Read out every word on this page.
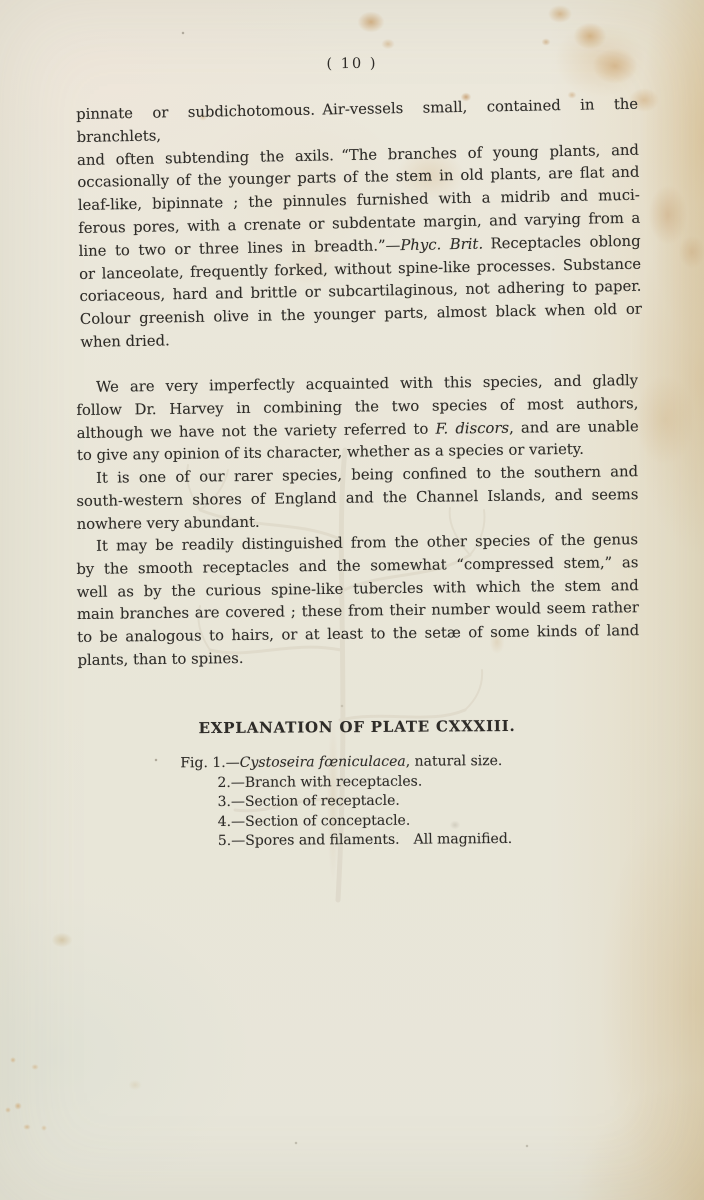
( 10 )
pinnate or subdichotomous. Air-vessels small, contained in the branchlets,
and often subtending the axils. “The branches of young plants, and
occasionally of the younger parts of the stem in old plants, are flat and
leaf-like, bipinnate ; the pinnules furnished with a midrib and muci-
ferous pores, with a crenate or subdentate margin, and varying from a
line to two or three lines in breadth.”—Phyc. Brit. Receptacles oblong
or lanceolate, frequently forked, without spine-like processes. Substance
coriaceous, hard and brittle or subcartilaginous, not adhering to paper.
Colour greenish olive in the younger parts, almost black when old or
when dried.
We are very imperfectly acquainted with this species, and gladly
follow Dr. Harvey in combining the two species of most authors,
although we have not the variety referred to F. discors, and are unable
to give any opinion of its character, whether as a species or variety.
It is one of our rarer species, being confined to the southern and
south-western shores of England and the Channel Islands, and seems
nowhere very abundant.
It may be readily distinguished from the other species of the genus
by the smooth receptacles and the somewhat “compressed stem,” as
well as by the curious spine-like tubercles with which the stem and
main branches are covered ; these from their number would seem rather
to be analogous to hairs, or at least to the setæ of some kinds of land
plants, than to spines.
EXPLANATION OF PLATE CXXXIII.
Fig. 1.—Cystoseira fœniculacea, natural size.
2.—Branch with receptacles.
3.—Section of receptacle.
4.—Section of conceptacle.
5.—Spores and filaments.  All magnified.
